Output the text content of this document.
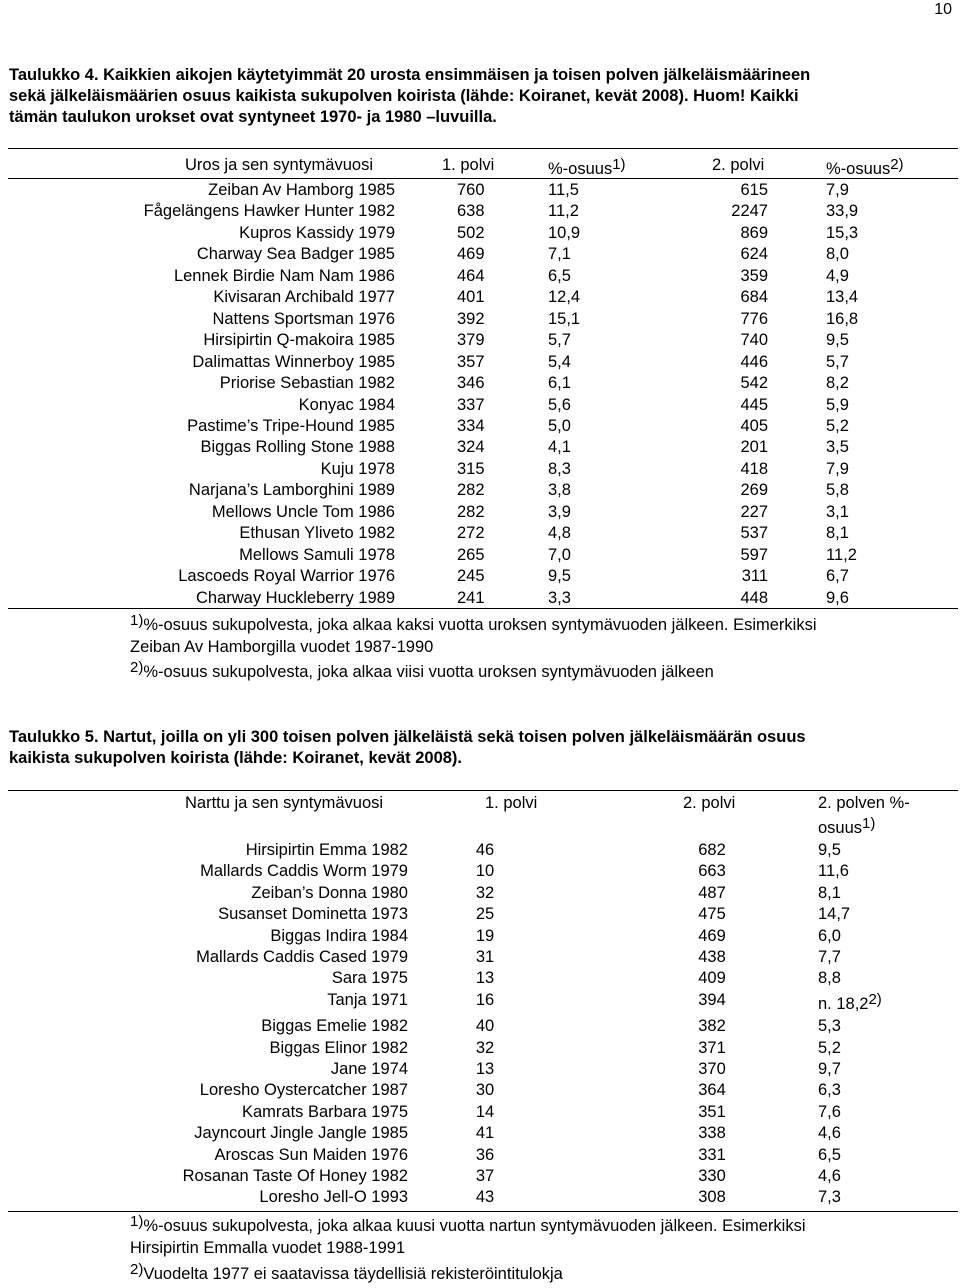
10
Taulukko 4. Kaikkien aikojen käytetyimmät 20 urosta ensimmäisen ja toisen polven jälkeläismäärineen
sekä jälkeläismäärien osuus kaikista sukupolven koirista (lähde: Koiranet, kevät 2008). Huom! Kaikki
tämän taulukon urokset ovat syntyneet 1970- ja 1980 –luvuilla.
Uros ja sen syntymävuosi	1. polvi	%-osuus$^{1)}$	2. polvi	%-osuus$^{2)}$
Zeiban Av Hamborg 1985	760	11,5	615	7,9
Fågelängens Hawker Hunter 1982	638	11,2	2247	33,9
Kupros Kassidy 1979	502	10,9	869	15,3
Charway Sea Badger 1985	469	7,1	624	8,0
Lennek Birdie Nam Nam 1986	464	6,5	359	4,9
Kivisaran Archibald 1977	401	12,4	684	13,4
Nattens Sportsman 1976	392	15,1	776	16,8
Hirsipirtin Q-makoira 1985	379	5,7	740	9,5
Dalimattas Winnerboy 1985	357	5,4	446	5,7
Priorise Sebastian 1982	346	6,1	542	8,2
Konyac 1984	337	5,6	445	5,9
Pastime’s Tripe-Hound 1985	334	5,0	405	5,2
Biggas Rolling Stone 1988	324	4,1	201	3,5
Kuju 1978	315	8,3	418	7,9
Narjana’s Lamborghini 1989	282	3,8	269	5,8
Mellows Uncle Tom 1986	282	3,9	227	3,1
Ethusan Yliveto 1982	272	4,8	537	8,1
Mellows Samuli 1978	265	7,0	597	11,2
Lascoeds Royal Warrior 1976	245	9,5	311	6,7
Charway Huckleberry 1989	241	3,3	448	9,6
$^{1)}$%-osuus sukupolvesta, joka alkaa kaksi vuotta uroksen syntymävuoden jälkeen. Esimerkiksi
Zeiban Av Hamborgilla vuodet 1987-1990
$^{2)}$%-osuus sukupolvesta, joka alkaa viisi vuotta uroksen syntymävuoden jälkeen
Taulukko 5. Nartut, joilla on yli 300 toisen polven jälkeläistä sekä toisen polven jälkeläismäärän osuus
kaikista sukupolven koirista (lähde: Koiranet, kevät 2008).
Narttu ja sen syntymävuosi	1. polvi	2. polvi	2. polven %-
osuus$^{1)}$
Hirsipirtin Emma 1982	46	682	9,5
Mallards Caddis Worm 1979	10	663	11,6
Zeiban’s Donna 1980	32	487	8,1
Susanset Dominetta 1973	25	475	14,7
Biggas Indira 1984	19	469	6,0
Mallards Caddis Cased 1979	31	438	7,7
Sara 1975	13	409	8,8
Tanja 1971	16	394	n. 18,2$^{2)}$
Biggas Emelie 1982	40	382	5,3
Biggas Elinor 1982	32	371	5,2
Jane 1974	13	370	9,7
Loresho Oystercatcher 1987	30	364	6,3
Kamrats Barbara 1975	14	351	7,6
Jayncourt Jingle Jangle 1985	41	338	4,6
Aroscas Sun Maiden 1976	36	331	6,5
Rosanan Taste Of Honey 1982	37	330	4,6
Loresho Jell-O 1993	43	308	7,3
$^{1)}$%-osuus sukupolvesta, joka alkaa kuusi vuotta nartun syntymävuoden jälkeen. Esimerkiksi
Hirsipirtin Emmalla vuodet 1988-1991
$^{2)}$Vuodelta 1977 ei saatavissa täydellisiä rekisteröintitulokja
